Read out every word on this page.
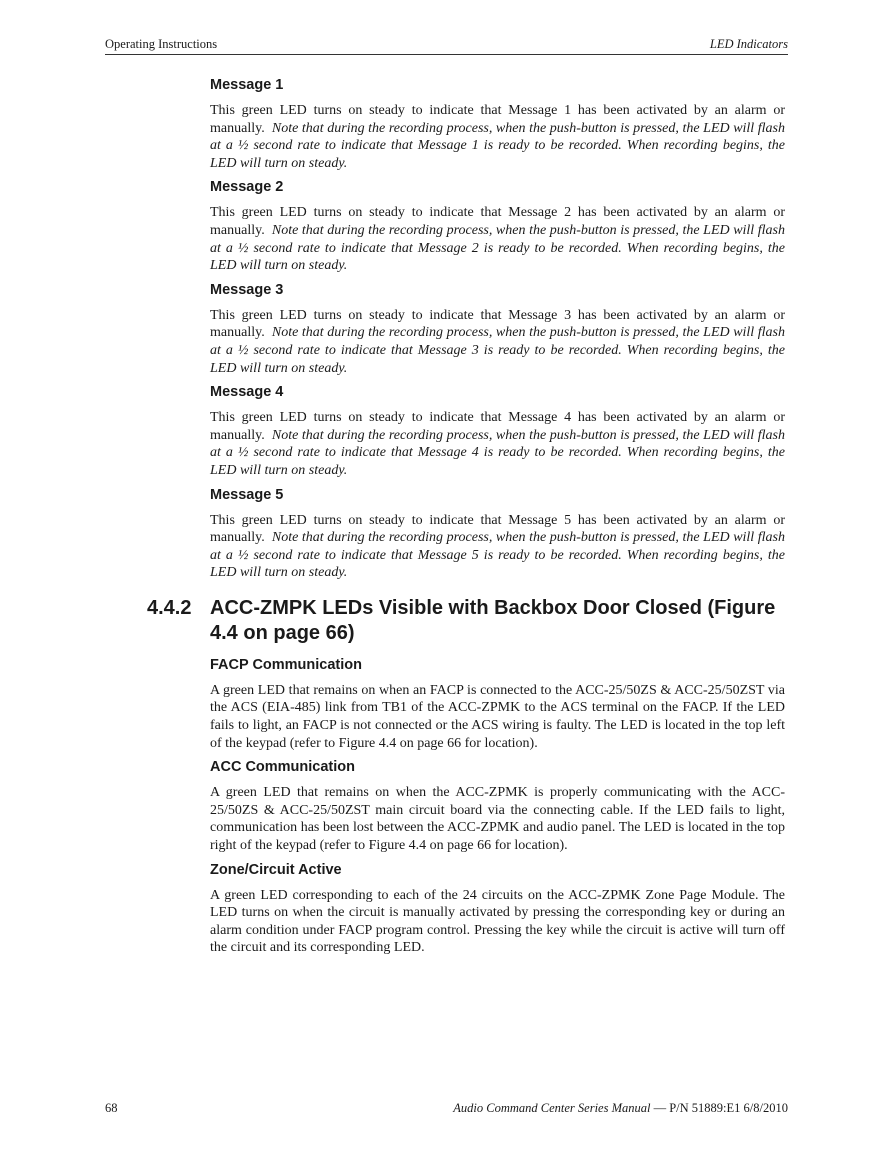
Operating Instructions	LED Indicators
Message 1

This green LED turns on steady to indicate that Message 1 has been activated by an alarm or manually. Note that during the recording process, when the push-button is pressed, the LED will flash at a ½ second rate to indicate that Message 1 is ready to be recorded. When recording begins, the LED will turn on steady.

Message 2

This green LED turns on steady to indicate that Message 2 has been activated by an alarm or manually. Note that during the recording process, when the push-button is pressed, the LED will flash at a ½ second rate to indicate that Message 2 is ready to be recorded. When recording begins, the LED will turn on steady.

Message 3

This green LED turns on steady to indicate that Message 3 has been activated by an alarm or manually. Note that during the recording process, when the push-button is pressed, the LED will flash at a ½ second rate to indicate that Message 3 is ready to be recorded. When recording begins, the LED will turn on steady.

Message 4

This green LED turns on steady to indicate that Message 4 has been activated by an alarm or manually. Note that during the recording process, when the push-button is pressed, the LED will flash at a ½ second rate to indicate that Message 4 is ready to be recorded. When recording begins, the LED will turn on steady.

Message 5

This green LED turns on steady to indicate that Message 5 has been activated by an alarm or manually. Note that during the recording process, when the push-button is pressed, the LED will flash at a ½ second rate to indicate that Message 5 is ready to be recorded. When recording begins, the LED will turn on steady.

4.4.2 ACC-ZMPK LEDs Visible with Backbox Door Closed (Figure 4.4 on page 66)
FACP Communication

A green LED that remains on when an FACP is connected to the ACC-25/50ZS & ACC-25/50ZST via the ACS (EIA-485) link from TB1 of the ACC-ZPMK to the ACS terminal on the FACP. If the LED fails to light, an FACP is not connected or the ACS wiring is faulty. The LED is located in the top left of the keypad (refer to Figure 4.4 on page 66 for location).

ACC Communication

A green LED that remains on when the ACC-ZPMK is properly communicating with the ACC-25/50ZS & ACC-25/50ZST main circuit board via the connecting cable. If the LED fails to light, communication has been lost between the ACC-ZPMK and audio panel. The LED is located in the top right of the keypad (refer to Figure 4.4 on page 66 for location).

Zone/Circuit Active

A green LED corresponding to each of the 24 circuits on the ACC-ZPMK Zone Page Module. The LED turns on when the circuit is manually activated by pressing the corresponding key or during an alarm condition under FACP program control. Pressing the key while the circuit is active will turn off the circuit and its corresponding LED.

68	Audio Command Center Series Manual — P/N 51889:E1 6/8/2010
